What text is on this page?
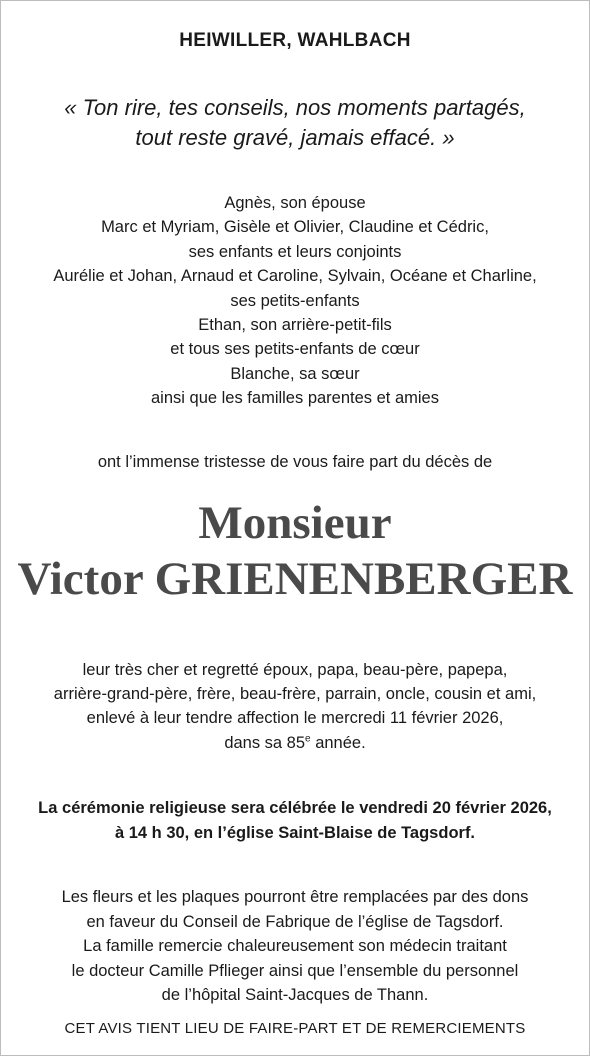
HEIWILLER, WAHLBACH

« Ton rire, tes conseils, nos moments partagés,
tout reste gravé, jamais effacé. »

Agnès, son épouse
Marc et Myriam, Gisèle et Olivier, Claudine et Cédric,
ses enfants et leurs conjoints
Aurélie et Johan, Arnaud et Caroline, Sylvain, Océane et Charline,
ses petits-enfants
Ethan, son arrière-petit-fils
et tous ses petits-enfants de cœur
Blanche, sa sœur
ainsi que les familles parentes et amies

ont l’immense tristesse de vous faire part du décès de

Monsieur
Victor GRIENENBERGER
leur très cher et regretté époux, papa, beau-père, papepa,
arrière-grand-père, frère, beau-frère, parrain, oncle, cousin et ami,
enlevé à leur tendre affection le mercredi 11 février 2026,
dans sa 85e année.
La cérémonie religieuse sera célébrée le vendredi 20 février 2026,
à 14 h 30, en l’église Saint-Blaise de Tagsdorf.
Les fleurs et les plaques pourront être remplacées par des dons
en faveur du Conseil de Fabrique de l’église de Tagsdorf.
La famille remercie chaleureusement son médecin traitant
le docteur Camille Pflieger ainsi que l’ensemble du personnel
de l’hôpital Saint-Jacques de Thann.

CET AVIS TIENT LIEU DE FAIRE-PART ET DE REMERCIEMENTS
